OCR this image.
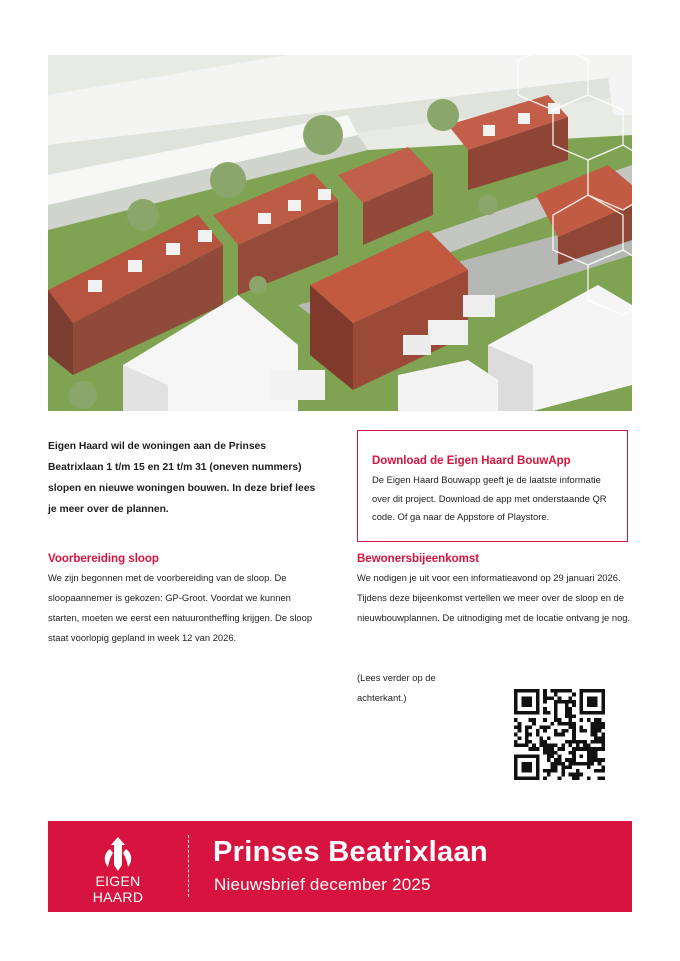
Eigen Haard wil de woningen aan de Prinses Beatrixlaan 1 t/m 15 en 21 t/m 31 (oneven nummers) slopen en nieuwe woningen bouwen. In deze brief lees je meer over de plannen.
Download de Eigen Haard BouwApp

De Eigen Haard Bouwapp geeft je de laatste informatie over dit project. Download de app met onderstaande QR code. Of ga naar de Appstore of Playstore.

Voorbereiding sloop

We zijn begonnen met de voorbereiding van de sloop. De sloopaannemer is gekozen: GP-Groot. Voordat we kunnen starten, moeten we eerst een natuurontheffing krijgen. De sloop staat voorlopig gepland in week 12 van 2026.

Bewonersbijeenkomst

We nodigen je uit voor een informatieavond op 29 januari 2026. Tijdens deze bijeenkomst vertellen we meer over de sloop en de nieuwbouwplannen. De uitnodiging met de locatie ontvang je nog.

(Lees verder op de achterkant.)
EIGEN HAARD
Prinses Beatrixlaan
Nieuwsbrief december 2025
